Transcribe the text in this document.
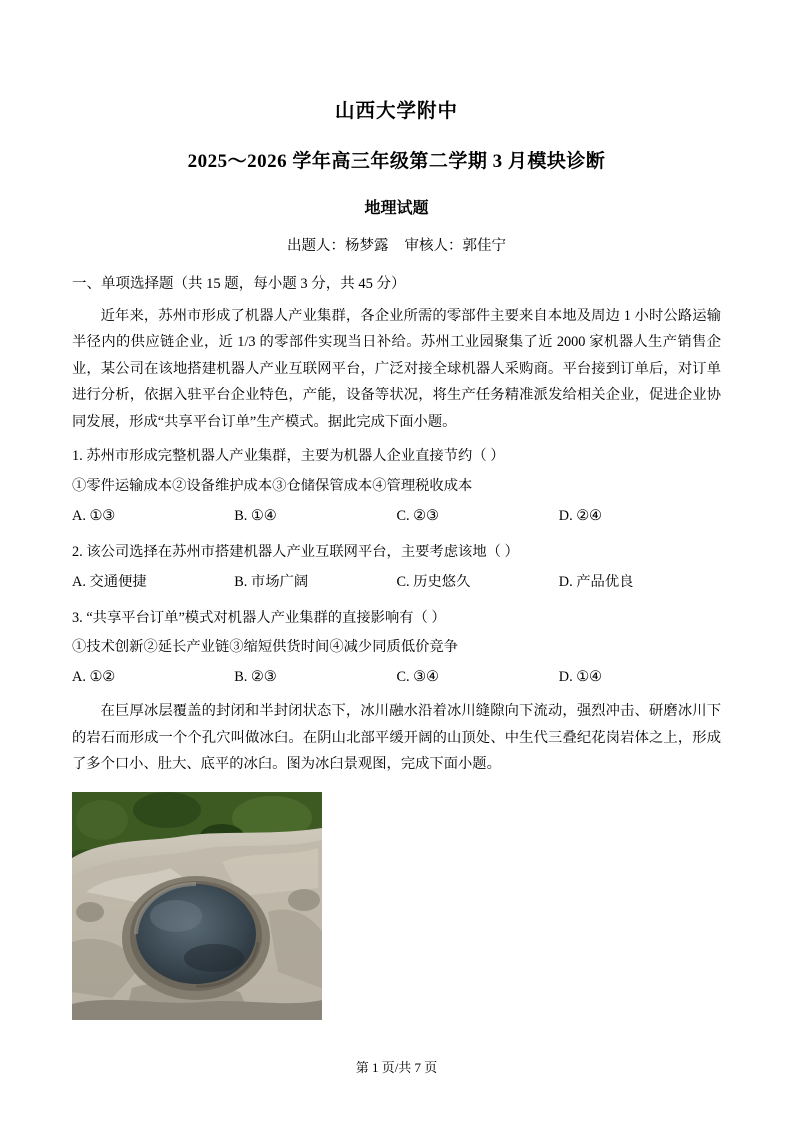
山西大学附中
2025～2026 学年高三年级第二学期 3 月模块诊断
地理试题
出题人：杨梦露 审核人：郭佳宁
一、单项选择题（共 15 题，每小题 3 分，共 45 分）
近年来，苏州市形成了机器人产业集群，各企业所需的零部件主要来自本地及周边 1 小时公路运输半径内的供应链企业，近 1/3 的零部件实现当日补给。苏州工业园聚集了近 2000 家机器人生产销售企业，某公司在该地搭建机器人产业互联网平台，广泛对接全球机器人采购商。平台接到订单后，对订单进行分析，依据入驻平台企业特色，产能，设备等状况，将生产任务精准派发给相关企业，促进企业协同发展，形成“共享平台订单”生产模式。据此完成下面小题。
1. 苏州市形成完整机器人产业集群，主要为机器人企业直接节约（ ）
①零件运输成本②设备维护成本③仓储保管成本④管理税收成本
A. ①③	B. ①④	C. ②③	D. ②④
2. 该公司选择在苏州市搭建机器人产业互联网平台，主要考虑该地（ ）
A. 交通便捷	B. 市场广阔	C. 历史悠久	D. 产品优良
3. “共享平台订单”模式对机器人产业集群的直接影响有（ ）
①技术创新②延长产业链③缩短供货时间④减少同质低价竞争
A. ①②	B. ②③	C. ③④	D. ①④
在巨厚冰层覆盖的封闭和半封闭状态下，冰川融水沿着冰川缝隙向下流动，强烈冲击、研磨冰川下的岩石而形成一个个孔穴叫做冰臼。在阴山北部平缓开阔的山顶处、中生代三叠纪花岗岩体之上，形成了多个口小、肚大、底平的冰臼。图为冰臼景观图，完成下面小题。
第 1 页/共 7 页
